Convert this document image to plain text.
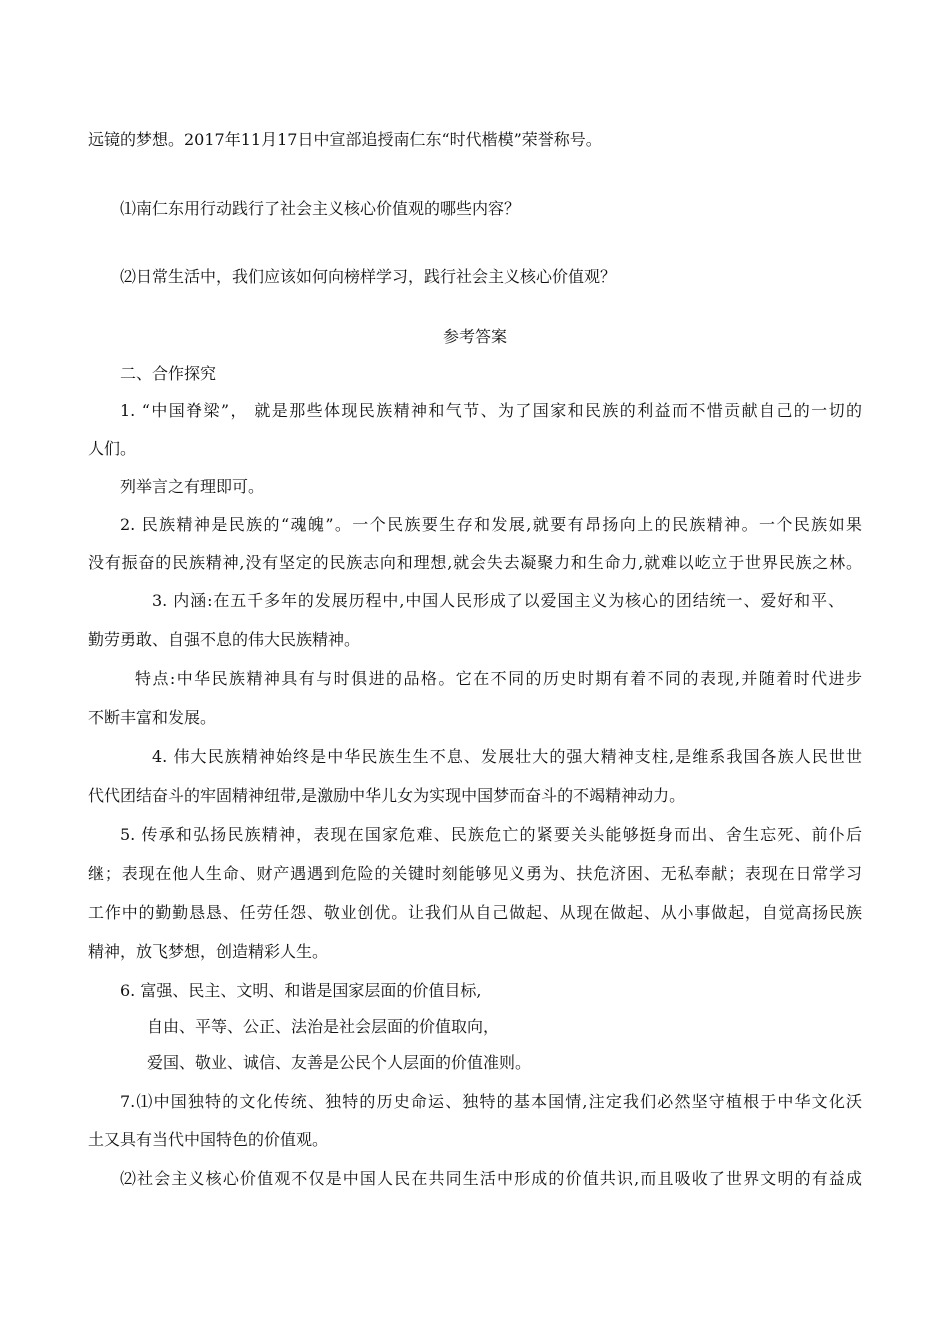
远镜的梦想。2017年11月17日中宣部追授南仁东“时代楷模”荣誉称号。
⑴南仁东用行动践行了社会主义核心价值观的哪些内容？
⑵日常生活中，我们应该如何向榜样学习，践行社会主义核心价值观？
参考答案
二、合作探究
1. “中国脊梁”， 就是那些体现民族精神和气节、为了国家和民族的利益而不惜贡献自己的一切的
人们。
列举言之有理即可。
2. 民族精神是民族的“魂魄”。一个民族要生存和发展,就要有昂扬向上的民族精神。一个民族如果
没有振奋的民族精神,没有坚定的民族志向和理想,就会失去凝聚力和生命力,就难以屹立于世界民族之林。
3. 内涵:在五千多年的发展历程中,中国人民形成了以爱国主义为核心的团结统一、爱好和平、
勤劳勇敢、自强不息的伟大民族精神。
特点:中华民族精神具有与时俱进的品格。它在不同的历史时期有着不同的表现,并随着时代进步
不断丰富和发展。
4. 伟大民族精神始终是中华民族生生不息、发展壮大的强大精神支柱,是维系我国各族人民世世
代代团结奋斗的牢固精神纽带,是激励中华儿女为实现中国梦而奋斗的不竭精神动力。
5. 传承和弘扬民族精神，表现在国家危难、民族危亡的紧要关头能够挺身而出、舍生忘死、前仆后
继；表现在他人生命、财产遇遇到危险的关键时刻能够见义勇为、扶危济困、无私奉献；表现在日常学习
工作中的勤勤恳恳、任劳任怨、敬业创优。让我们从自己做起、从现在做起、从小事做起，自觉高扬民族
精神，放飞梦想，创造精彩人生。
6. 富强、民主、文明、和谐是国家层面的价值目标,
自由、平等、公正、法治是社会层面的价值取向，
爱国、敬业、诚信、友善是公民个人层面的价值准则。
7.⑴中国独特的文化传统、独特的历史命运、独特的基本国情,注定我们必然坚守植根于中华文化沃
土又具有当代中国特色的价值观。
⑵社会主义核心价值观不仅是中国人民在共同生活中形成的价值共识,而且吸收了世界文明的有益成
